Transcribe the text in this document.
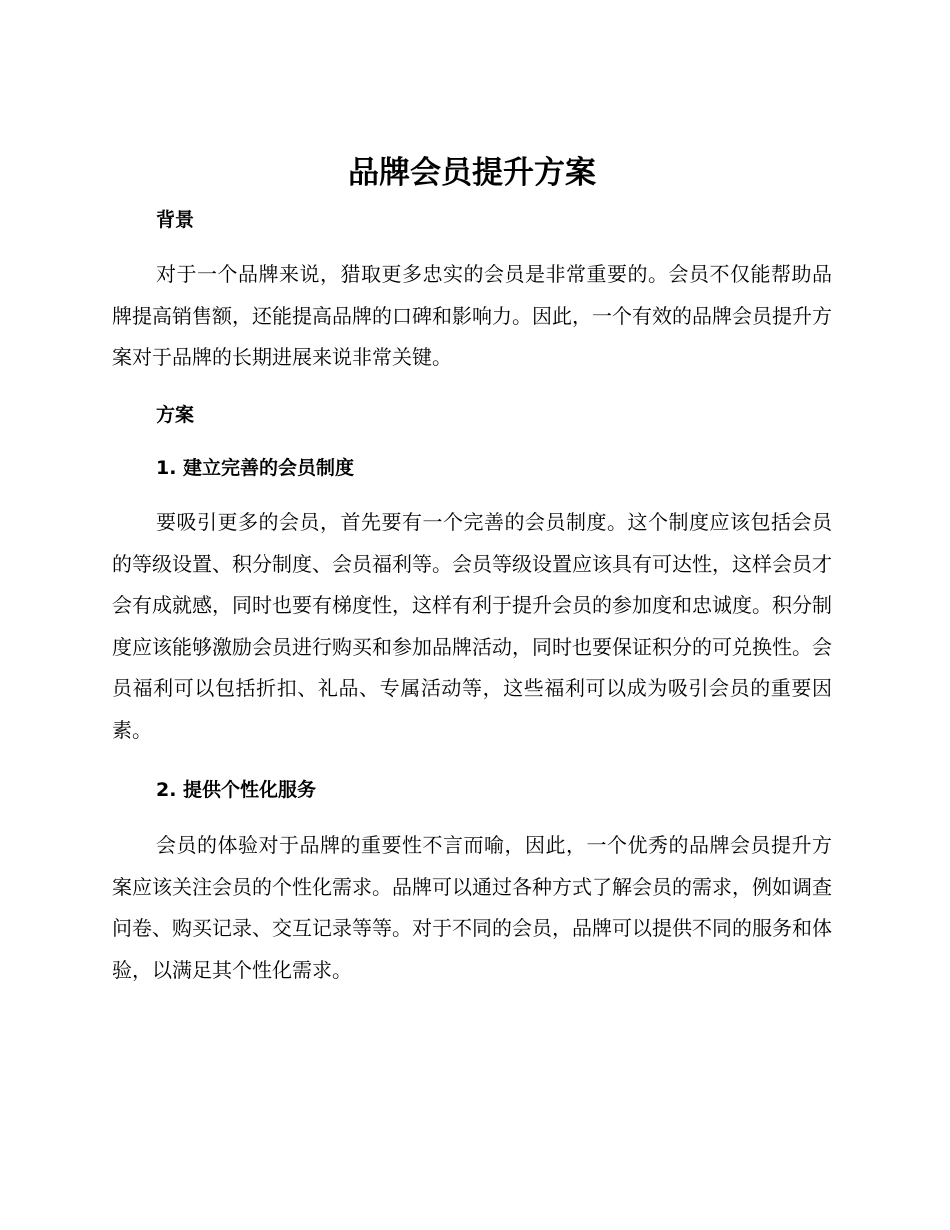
品牌会员提升方案
背景

对于一个品牌来说，猎取更多忠实的会员是非常重要的。会员不仅能帮助品牌提高销售额，还能提高品牌的口碑和影响力。因此，一个有效的品牌会员提升方案对于品牌的长期进展来说非常关键。

方案
1. 建立完善的会员制度

要吸引更多的会员，首先要有一个完善的会员制度。这个制度应该包括会员的等级设置、积分制度、会员福利等。会员等级设置应该具有可达性，这样会员才会有成就感，同时也要有梯度性，这样有利于提升会员的参加度和忠诚度。积分制度应该能够激励会员进行购买和参加品牌活动，同时也要保证积分的可兑换性。会员福利可以包括折扣、礼品、专属活动等，这些福利可以成为吸引会员的重要因素。

2. 提供个性化服务

会员的体验对于品牌的重要性不言而喻，因此，一个优秀的品牌会员提升方案应该关注会员的个性化需求。品牌可以通过各种方式了解会员的需求，例如调查问卷、购买记录、交互记录等等。对于不同的会员，品牌可以提供不同的服务和体验，以满足其个性化需求。
